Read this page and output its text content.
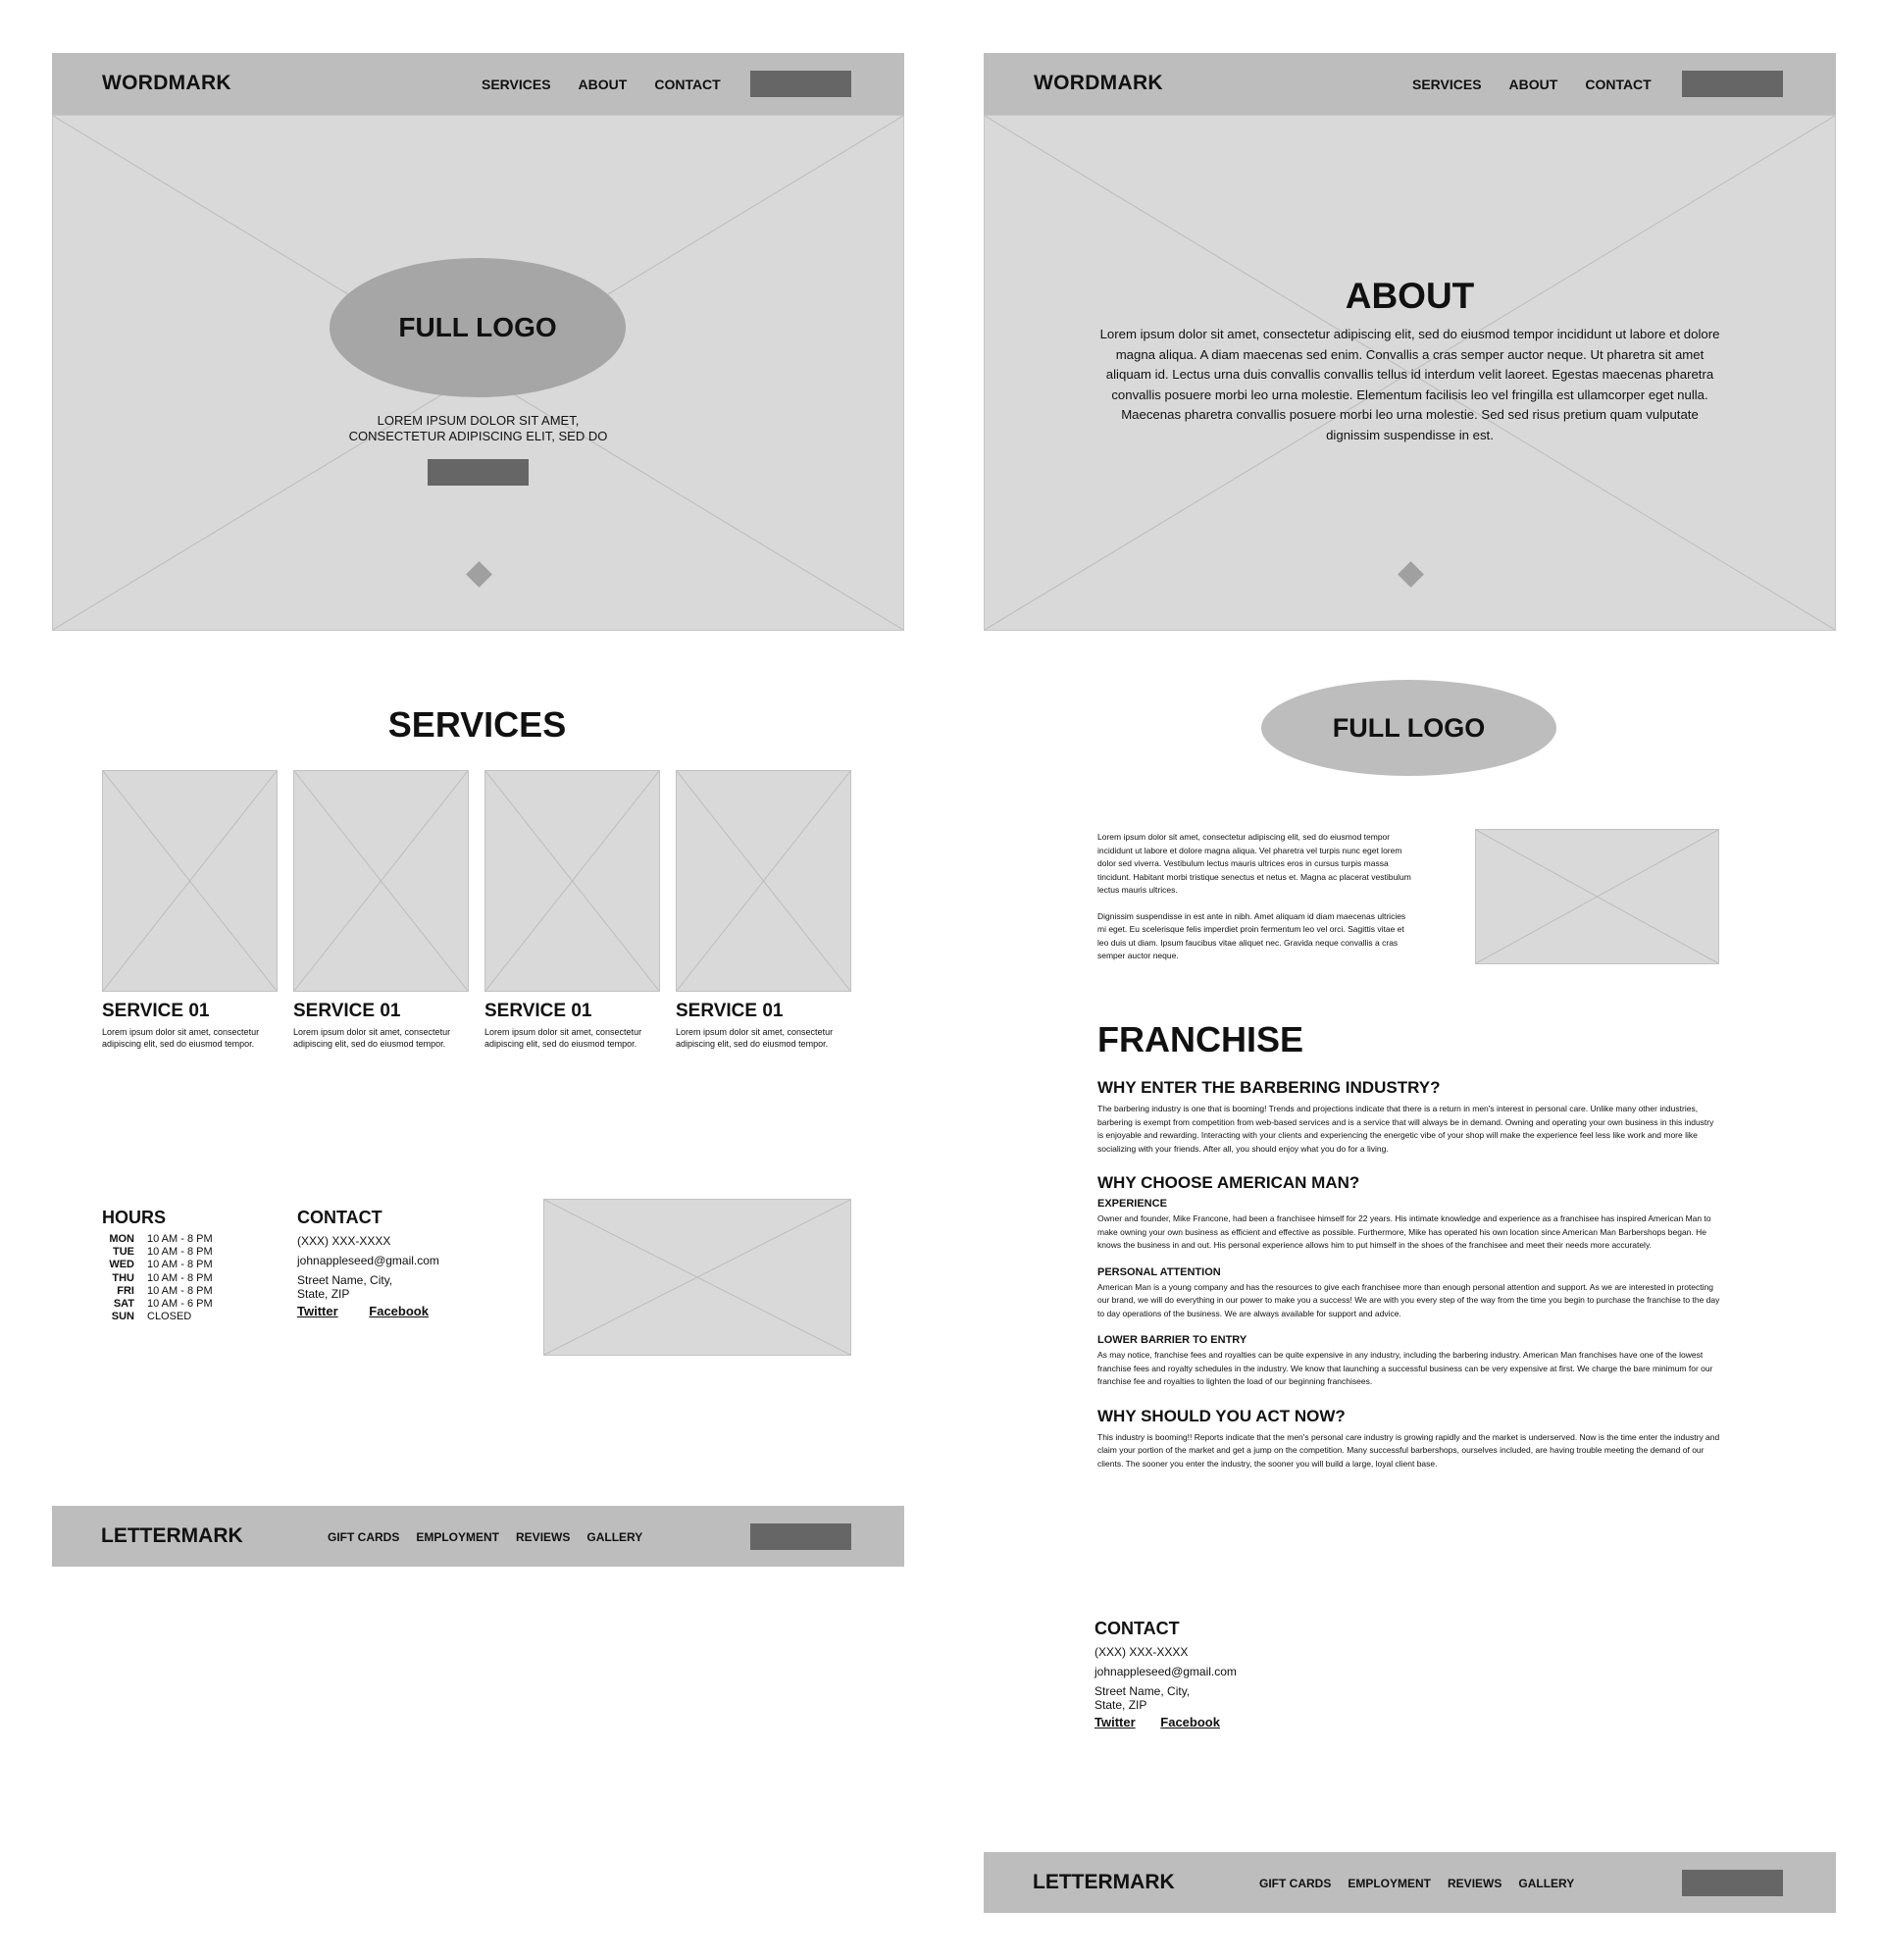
WORDMARK	SERVICES ABOUT CONTACT
FULL LOGO
LOREM IPSUM DOLOR SIT AMET,
CONSECTETUR ADIPISCING ELIT, SED DO
SERVICES
SERVICE 01
Lorem ipsum dolor sit amet, consectetur adipiscing elit, sed do eiusmod tempor.
SERVICE 01
Lorem ipsum dolor sit amet, consectetur adipiscing elit, sed do eiusmod tempor.
SERVICE 01
Lorem ipsum dolor sit amet, consectetur adipiscing elit, sed do eiusmod tempor.
SERVICE 01
Lorem ipsum dolor sit amet, consectetur adipiscing elit, sed do eiusmod tempor.
HOURS
MON 10 AM - 8 PM
TUE 10 AM - 8 PM
WED 10 AM - 8 PM
THU 10 AM - 8 PM
FRI 10 AM - 8 PM
SAT 10 AM - 6 PM
SUN CLOSED
CONTACT
(XXX) XXX-XXXX
johnappleseed@gmail.com
Street Name, City,
State, ZIP
Twitter Facebook
LETTERMARK	GIFT CARDS EMPLOYMENT REVIEWS GALLERY
WORDMARK	SERVICES ABOUT CONTACT
ABOUT
Lorem ipsum dolor sit amet, consectetur adipiscing elit, sed do eiusmod tempor incididunt ut labore et dolore magna aliqua. A diam maecenas sed enim. Convallis a cras semper auctor neque. Ut pharetra sit amet aliquam id. Lectus urna duis convallis convallis tellus id interdum velit laoreet. Egestas maecenas pharetra convallis posuere morbi leo urna molestie. Elementum facilisis leo vel fringilla est ullamcorper eget nulla. Maecenas pharetra convallis posuere morbi leo urna molestie. Sed sed risus pretium quam vulputate dignissim suspendisse in est.
FULL LOGO
Lorem ipsum dolor sit amet, consectetur adipiscing elit, sed do eiusmod tempor incididunt ut labore et dolore magna aliqua. Vel pharetra vel turpis nunc eget lorem dolor sed viverra. Vestibulum lectus mauris ultrices eros in cursus turpis massa tincidunt. Habitant morbi tristique senectus et netus et. Magna ac placerat vestibulum lectus mauris ultrices.
Dignissim suspendisse in est ante in nibh. Amet aliquam id diam maecenas ultricies mi eget. Eu scelerisque felis imperdiet proin fermentum leo vel orci. Sagittis vitae et leo duis ut diam. Ipsum faucibus vitae aliquet nec. Gravida neque convallis a cras semper auctor neque.
FRANCHISE
WHY ENTER THE BARBERING INDUSTRY?
The barbering industry is one that is booming! Trends and projections indicate that there is a return in men's interest in personal care. Unlike many other industries, barbering is exempt from competition from web-based services and is a service that will always be in demand. Owning and operating your own business in this industry is enjoyable and rewarding. Interacting with your clients and experiencing the energetic vibe of your shop will make the experience feel less like work and more like socializing with your friends. After all, you should enjoy what you do for a living.
WHY CHOOSE AMERICAN MAN?
EXPERIENCE
Owner and founder, Mike Francone, had been a franchisee himself for 22 years. His intimate knowledge and experience as a franchisee has inspired American Man to make owning your own business as efficient and effective as possible. Furthermore, Mike has operated his own location since American Man Barbershops began. He knows the business in and out. His personal experience allows him to put himself in the shoes of the franchisee and meet their needs more accurately.
PERSONAL ATTENTION
American Man is a young company and has the resources to give each franchisee more than enough personal attention and support. As we are interested in protecting our brand, we will do everything in our power to make you a success! We are with you every step of the way from the time you begin to purchase the franchise to the day to day operations of the business. We are always available for support and advice.
LOWER BARRIER TO ENTRY
As may notice, franchise fees and royalties can be quite expensive in any industry, including the barbering industry. American Man franchises have one of the lowest franchise fees and royalty schedules in the industry. We know that launching a successful business can be very expensive at first. We charge the bare minimum for our franchise fee and royalties to lighten the load of our beginning franchisees.
WHY SHOULD YOU ACT NOW?
This industry is booming!! Reports indicate that the men's personal care industry is growing rapidly and the market is underserved. Now is the time enter the industry and claim your portion of the market and get a jump on the competition. Many successful barbershops, ourselves included, are having trouble meeting the demand of our clients. The sooner you enter the industry, the sooner you will build a large, loyal client base.
CONTACT
(XXX) XXX-XXXX
johnappleseed@gmail.com
Street Name, City,
State, ZIP
Twitter Facebook
LETTERMARK	GIFT CARDS EMPLOYMENT REVIEWS GALLERY
